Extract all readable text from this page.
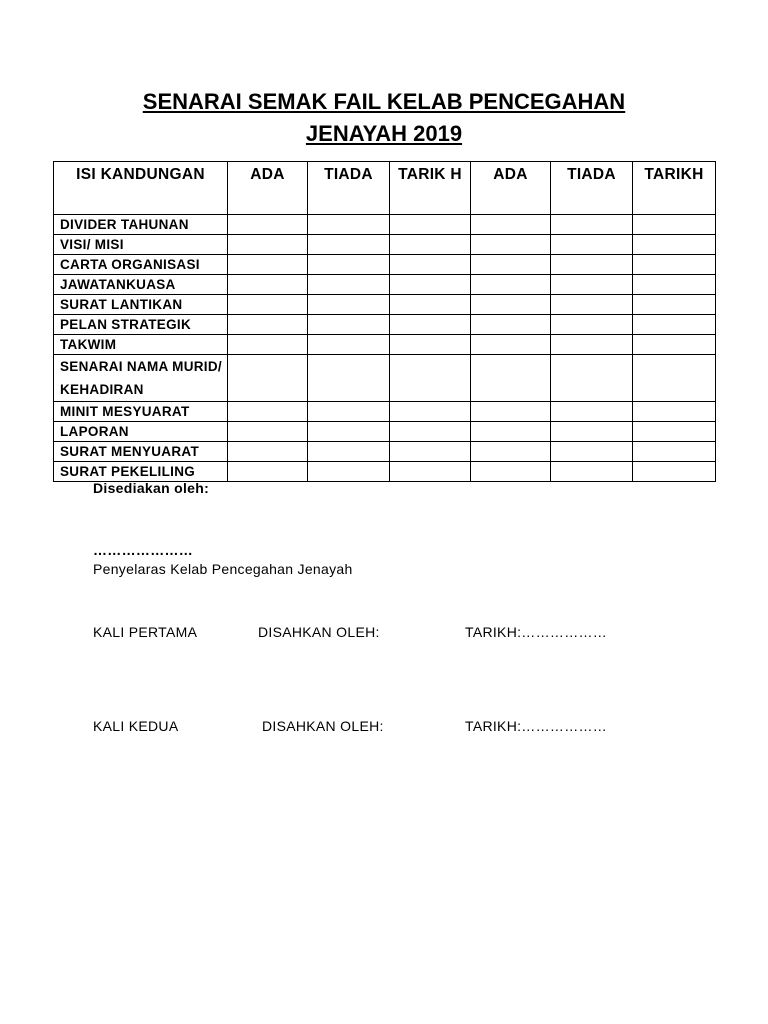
SENARAI SEMAK FAIL KELAB PENCEGAHAN
JENAYAH 2019
ISI KANDUNGAN	ADA	TIADA	TARIK H	ADA	TIADA	TARIKH
DIVIDER TAHUNAN						
VISI/ MISI						
CARTA ORGANISASI						
JAWATANKUASA						
SURAT LANTIKAN						
PELAN STRATEGIK						
TAKWIM						
SENARAI NAMA MURID/ KEHADIRAN						
MINIT MESYUARAT						
LAPORAN						
SURAT MENYUARAT						
SURAT PEKELILING						
Disediakan oleh:
…………………
Penyelaras Kelab Pencegahan Jenayah
KALI PERTAMA	DISAHKAN OLEH:	TARIKH:………………
KALI KEDUA	DISAHKAN OLEH:	TARIKH:………………
